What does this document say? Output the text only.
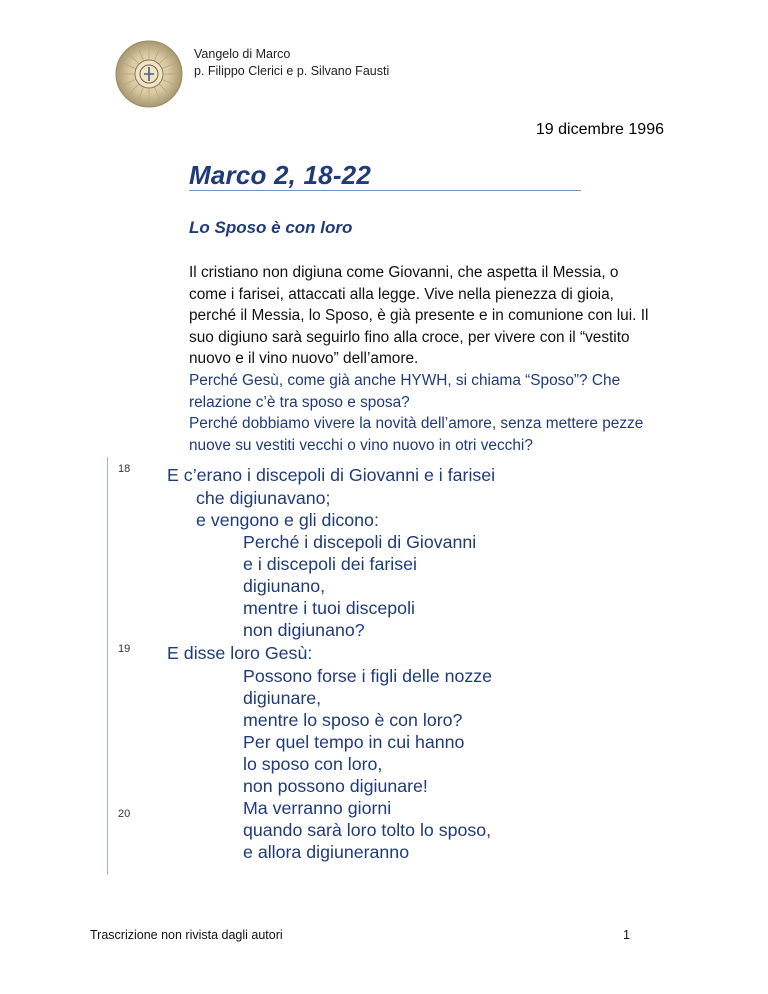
Vangelo di Marco
p. Filippo Clerici e p. Silvano Fausti
19 dicembre 1996
Marco 2, 18-22
Lo Sposo è con loro
Il cristiano non digiuna come Giovanni, che aspetta il Messia, o come i farisei, attaccati alla legge. Vive nella pienezza di gioia, perché il Messia, lo Sposo, è già presente e in comunione con lui. Il suo digiuno sarà seguirlo fino alla croce, per vivere con il “vestito nuovo e il vino nuovo” dell’amore.
Perché Gesù, come già anche HYWH, si chiama “Sposo”? Che relazione c’è tra sposo e sposa?
Perché dobbiamo vivere la novità dell’amore, senza mettere pezze nuove su vestiti vecchi o vino nuovo in otri vecchi?
18
19
20
E c’erano i discepoli di Giovanni e i farisei
che digiunavano;
e vengono e gli dicono:
Perché i discepoli di Giovanni
e i discepoli dei farisei
digiunano,
mentre i tuoi discepoli
non digiunano?
E disse loro Gesù:
Possono forse i figli delle nozze
digiunare,
mentre lo sposo è con loro?
Per quel tempo in cui hanno
lo sposo con loro,
non possono digiunare!
Ma verranno giorni
quando sarà loro tolto lo sposo,
e allora digiuneranno
Trascrizione non rivista dagli autori	1
